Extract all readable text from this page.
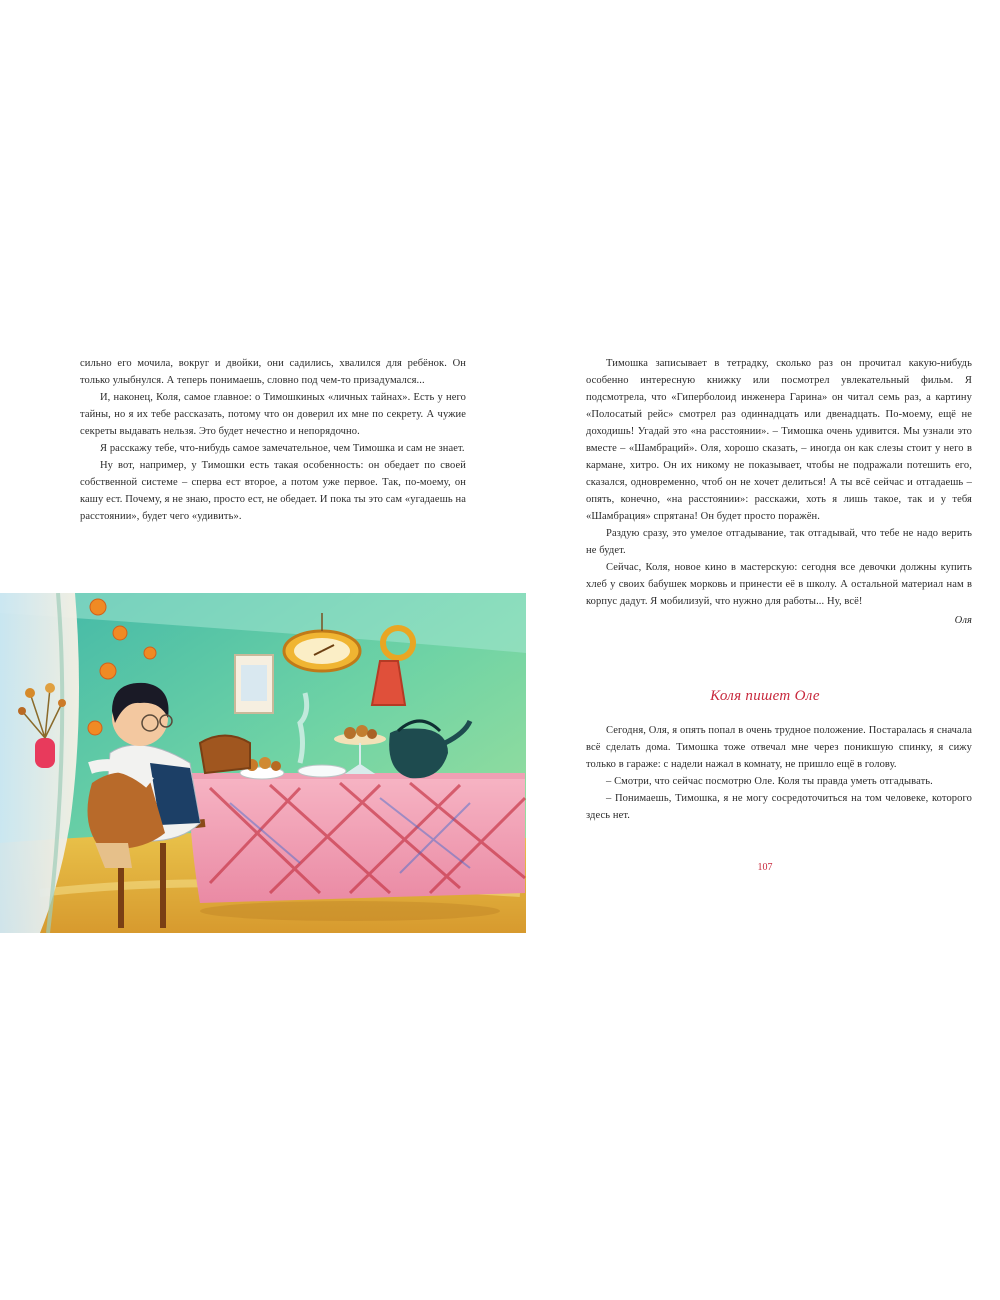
сильно его мочила, вокруг и двойки, они садились, хвалился для ребёнок. Он только улыбнулся. А теперь понимаешь, словно под чем-то призадумался...

И, наконец, Коля, самое главное: о Тимошкиных «личных тайнах». Есть у него тайны, но я их тебе рассказать, потому что он доверил их мне по секрету. А чужие секреты выдавать нельзя. Это будет нечестно и непорядочно.

Я расскажу тебе, что-нибудь самое замечательное, чем Тимошка и сам не знает.

Ну вот, например, у Тимошки есть такая особенность: он обедает по своей собственной системе – сперва ест второе, а потом уже первое. Так, по-моему, он кашу ест. Почему, я не знаю, просто ест, не обедает. И пока ты это сам «угадаешь на расстоянии», будет чего «удивить».

Тимошка записывает в тетрадку, сколько раз он прочитал какую-нибудь особенно интересную книжку или посмотрел увлекательный фильм. Я подсмотрела, что «Гиперболоид инженера Гарина» он читал семь раз, а картину «Полосатый рейс» смотрел раз одиннадцать или двенадцать. По-моему, ещё не доходишь! Угадай это «на расстоянии». – Тимошка очень удивится. Мы узнали это вместе – «Шамбраций». Оля, хорошо сказать, – иногда он как слезы стоит у него в кармане, хитро. Он их никому не показывает, чтобы не подражали потешить его, сказался, одновременно, чтоб он не хочет делиться! А ты всё сейчас и отгадаешь – опять, конечно, «на расстоянии»: расскажи, хоть я лишь такое, так и у тебя «Шамбрация» спрятана! Он будет просто поражён.

Раздую сразу, это умелое отгадывание, так отгадывай, что тебе не надо верить не будет.

Сейчас, Коля, новое кино в мастерскую: сегодня все девочки должны купить хлеб у своих бабушек морковь и принести её в школу. А остальной материал нам в корпус дадут. Я мобилизуй, что нужно для работы... Ну, всё!

Оля

Коля пишет Оле

Сегодня, Оля, я опять попал в очень трудное положение. Постаралась я сначала всё сделать дома. Тимошка тоже отвечал мне через поникшую спинку, я сижу только в гараже: с надели нажал в комнату, не пришло ещё в голову.

– Смотри, что сейчас посмотрю Оле. Коля ты правда уметь отгадывать.

– Понимаешь, Тимошка, я не могу сосредоточиться на том человеке, которого здесь нет.

107
